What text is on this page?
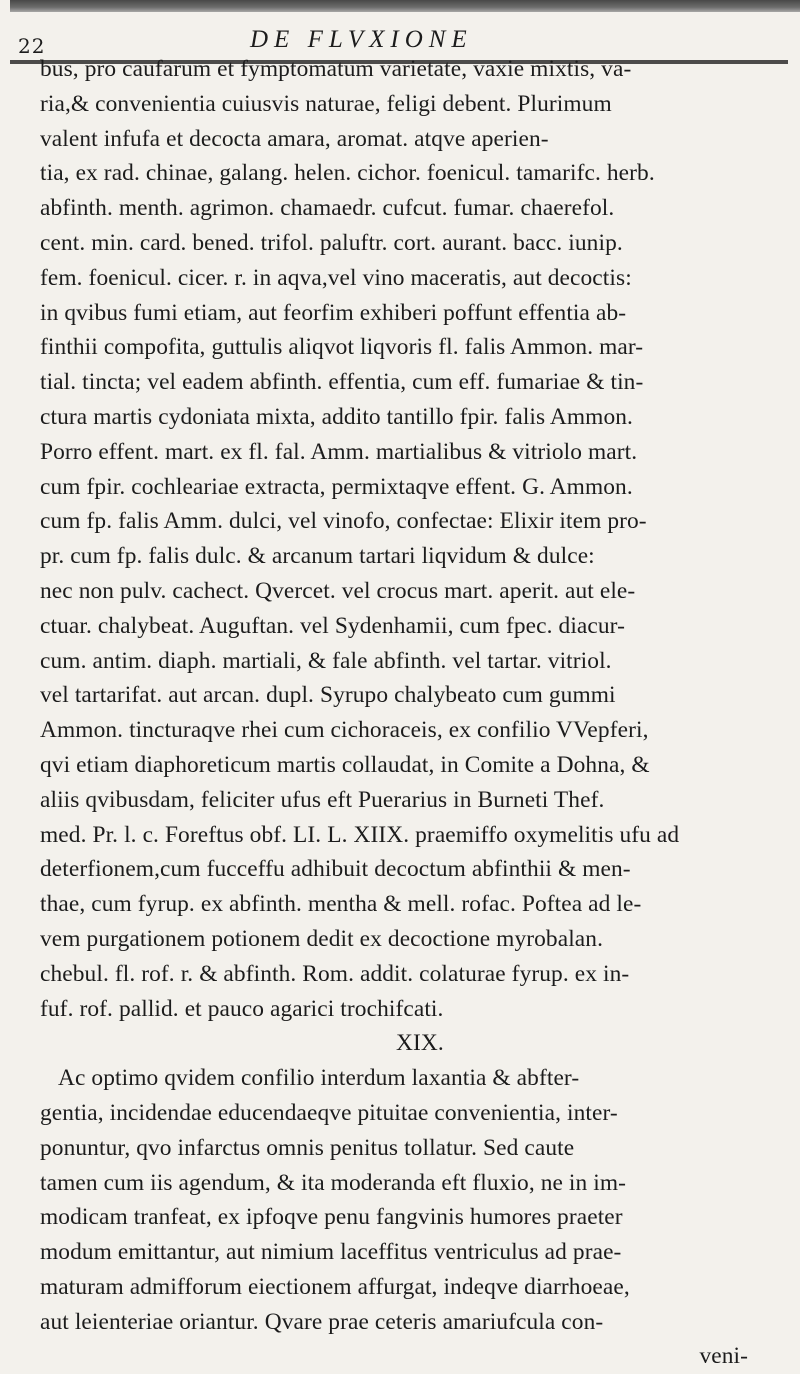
22	DE FLVXIONE
bus, pro caufarum et fymptomatum varietate, vaxie mixtis, va-
ria,& convenientia cuiusvis naturae, feligi debent. Plurimum
valent infufa et decocta amara, aromat. atqve aperien-
tia, ex rad. chinae, galang. helen. cichor. foenicul. tamarifc. herb.
abfinth. menth. agrimon. chamaedr. cufcut. fumar. chaerefol.
cent. min. card. bened. trifol. paluftr. cort. aurant. bacc. iunip.
fem. foenicul. cicer. r. in aqva,vel vino maceratis, aut decoctis:
in qvibus fumi etiam, aut feorfim exhiberi poffunt effentia ab-
finthii compofita, guttulis aliqvot liqvoris fl. falis Ammon. mar-
tial. tinctа; vel eadem abfinth. effentia, cum eff. fumariae & tin-
ctura martis cydoniata mixta, addito tantillo fpir. falis Ammon.
Porro effent. mart. ex fl. fal. Amm. martialibus & vitriolo mart.
cum fpir. cochleariae extracta, permixtaqve effent. G. Ammon.
cum fp. falis Amm. dulci, vel vinofo, confectae: Elixir item pro-
pr. cum fp. falis dulc. & arcanum tartari liqvidum & dulce:
nec non pulv. cacheсt. Qvercet. vel crocus mart. aperit. aut ele-
ctuar. chalybeat. Auguftan. vel Sydenhamii, cum fpec. diacur-
cum. antim. diaph. martiali, & fale abfinth. vel tartar. vitriol.
vel tartarifat. aut arcan. dupl. Syrupo chalybeato cum gummi
Ammon. tincturaqve rhei cum cichoraceis, ex confilio VVepferi,
qvi etiam diaphoreticum martis collaudat, in Comite a Dohna, &
aliis qvibusdam, feliciter ufus eft Puerarius in Burneti Thef.
med. Pr. l. c. Foreftus obf. LI. L. XIIX. praemiffo oxymelitis ufu ad
deterfionem,cum fucceffu adhibuit decoctum abfinthii & men-
thae, cum fyrup. ex abfinth. mentha & mell. rofac. Poftea ad le-
vem purgationem potionem dedit ex decoctione myrobalan.
chebul. fl. rof. r. & abfinth. Rom. addit. colaturae fyrup. ex in-
fuf. rof. pallid. et pauco agarici trochifcati.
XIX.
Ac optimo qvidem confilio interdum laxantia & abfter-
gentia, incidendae educendaeqve pituitae convenientia, inter-
ponuntur, qvo infarctus omnis penitus tollatur. Sed caute
tamen cum iis agendum, & ita moderanda eft fluxio, ne in im-
modicam tranfeat, ex ipfoqve penu fangvinis humores praeter
modum emittantur, aut nimium laceffitus ventriculus ad prae-
maturam admifforum eiectionem affurgat, indeqve diarrhoeae,
aut leienteriae oriantur. Qvare prae ceteris amariufcula con-
veni-
